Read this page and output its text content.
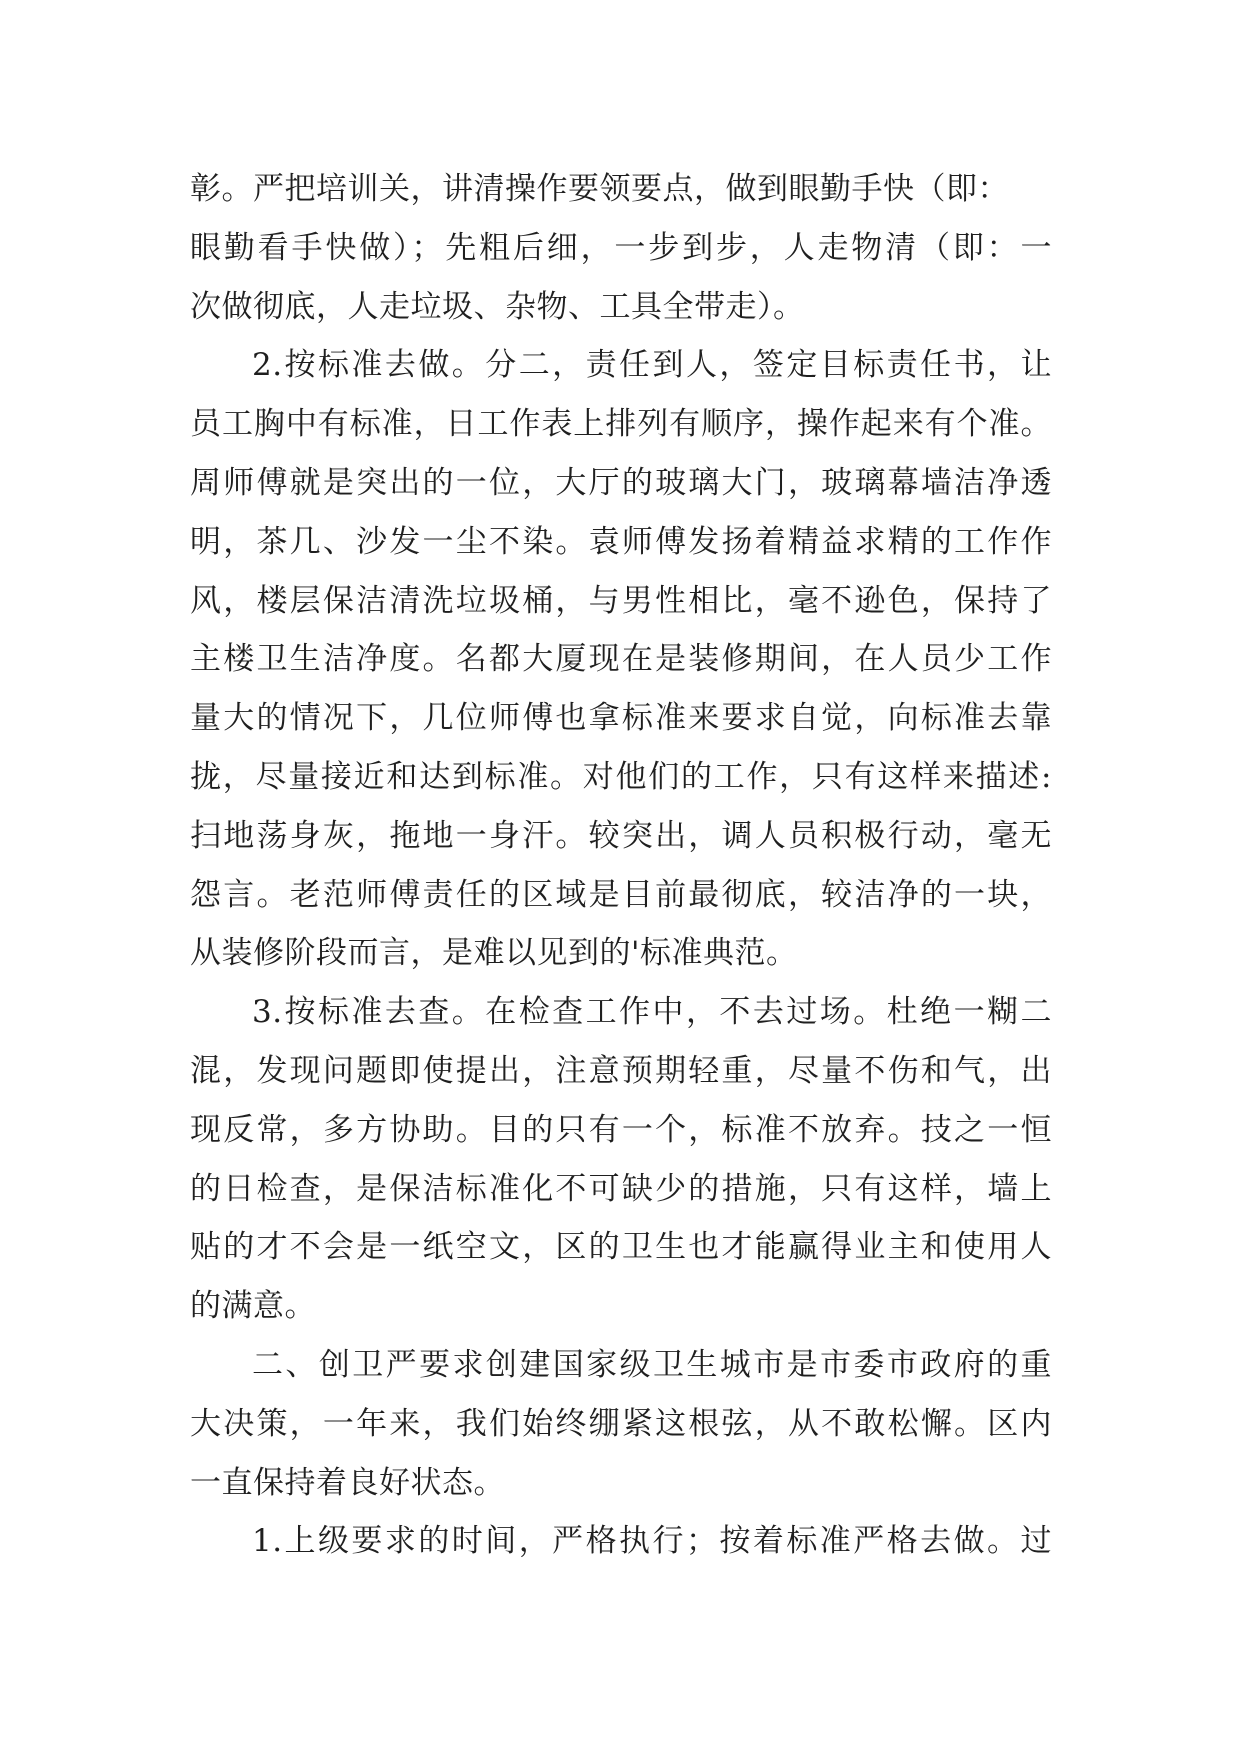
彰。严把培训关，讲清操作要领要点，做到眼勤手快（即：
眼勤看手快做）；先粗后细，一步到步，人走物清（即：一
次做彻底，人走垃圾、杂物、工具全带走）。
2.按标准去做。分二，责任到人，签定目标责任书，让
员工胸中有标准，日工作表上排列有顺序，操作起来有个准。
周师傅就是突出的一位，大厅的玻璃大门，玻璃幕墙洁净透
明，茶几、沙发一尘不染。袁师傅发扬着精益求精的工作作
风，楼层保洁清洗垃圾桶，与男性相比，毫不逊色，保持了
主楼卫生洁净度。名都大厦现在是装修期间，在人员少工作
量大的情况下，几位师傅也拿标准来要求自觉，向标准去靠
拢，尽量接近和达到标准。对他们的工作，只有这样来描述:
扫地荡身灰，拖地一身汗。较突出，调人员积极行动，毫无
怨言。老范师傅责任的区域是目前最彻底，较洁净的一块，
从装修阶段而言，是难以见到的'标准典范。
3.按标准去查。在检查工作中，不去过场。杜绝一糊二
混，发现问题即使提出，注意预期轻重，尽量不伤和气，出
现反常，多方协助。目的只有一个，标准不放弃。技之一恒
的日检查，是保洁标准化不可缺少的措施，只有这样，墙上
贴的才不会是一纸空文，区的卫生也才能赢得业主和使用人
的满意。
二、创卫严要求创建国家级卫生城市是市委市政府的重
大决策，一年来，我们始终绷紧这根弦，从不敢松懈。区内
一直保持着良好状态。
1.上级要求的时间，严格执行；按着标准严格去做。过
